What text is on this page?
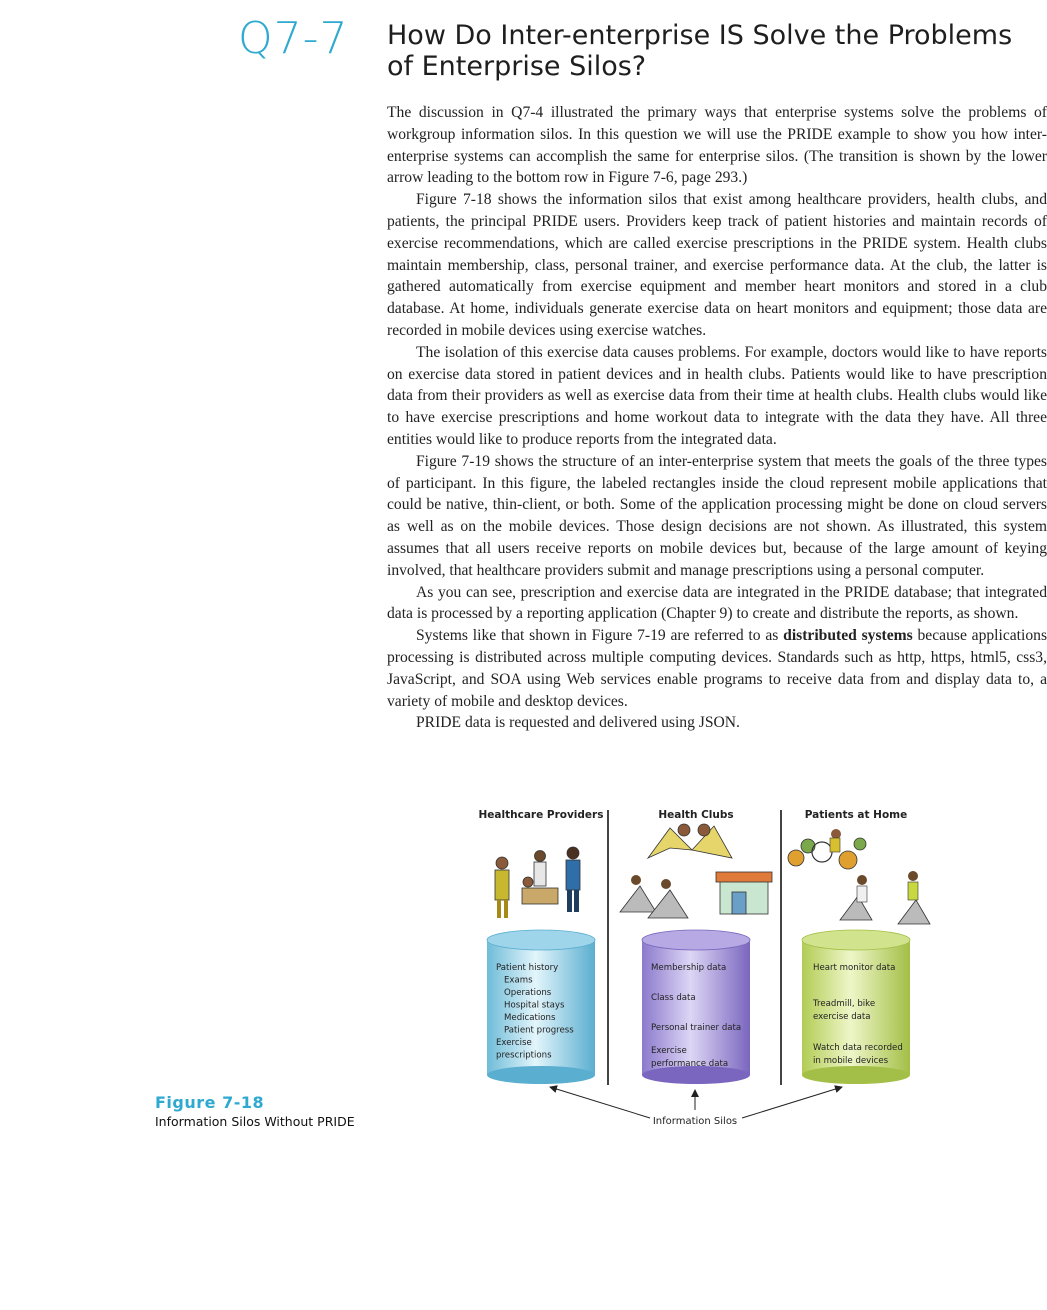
Q7-7 How Do Inter-enterprise IS Solve the Problems
of Enterprise Silos?

The discussion in Q7-4 illustrated the primary ways that enterprise systems solve the problems of workgroup information silos. In this question we will use the PRIDE example to show you how inter-enterprise systems can accomplish the same for enterprise silos. (The transition is shown by the lower arrow leading to the bottom row in Figure 7-6, page 293.)

Figure 7-18 shows the information silos that exist among healthcare providers, health clubs, and patients, the principal PRIDE users. Providers keep track of patient histories and maintain records of exercise recommendations, which are called exercise prescriptions in the PRIDE system. Health clubs maintain membership, class, personal trainer, and exercise performance data. At the club, the latter is gathered automatically from exercise equipment and member heart monitors and stored in a club database. At home, individuals generate exercise data on heart monitors and equipment; those data are recorded in mobile devices using exercise watches.

The isolation of this exercise data causes problems. For example, doctors would like to have reports on exercise data stored in patient devices and in health clubs. Patients would like to have prescription data from their providers as well as exercise data from their time at health clubs. Health clubs would like to have exercise prescriptions and home workout data to integrate with the data they have. All three entities would like to produce reports from the integrated data.

Figure 7-19 shows the structure of an inter-enterprise system that meets the goals of the three types of participant. In this figure, the labeled rectangles inside the cloud represent mobile applications that could be native, thin-client, or both. Some of the application processing might be done on cloud servers as well as on the mobile devices. Those design decisions are not shown. As illustrated, this system assumes that all users receive reports on mobile devices but, because of the large amount of keying involved, that healthcare providers submit and manage prescriptions using a personal computer.

As you can see, prescription and exercise data are integrated in the PRIDE database; that integrated data is processed by a reporting application (Chapter 9) to create and distribute the reports, as shown.

Systems like that shown in Figure 7-19 are referred to as distributed systems because applications processing is distributed across multiple computing devices. Standards such as http, https, html5, css3, JavaScript, and SOA using Web services enable programs to receive data from and display data to, a variety of mobile and desktop devices.

PRIDE data is requested and delivered using JSON.

Figure 7-18
Information Silos Without PRIDE
Healthcare Providers	Health Clubs	Patients at Home
Patient history
Exams
Operations
Hospital stays
Medications
Patient progress
Exercise
prescriptions
Membership data
Class data
Personal trainer data
Exercise
performance data
Heart monitor data
Treadmill, bike
exercise data
Watch data recorded
in mobile devices
Information Silos
